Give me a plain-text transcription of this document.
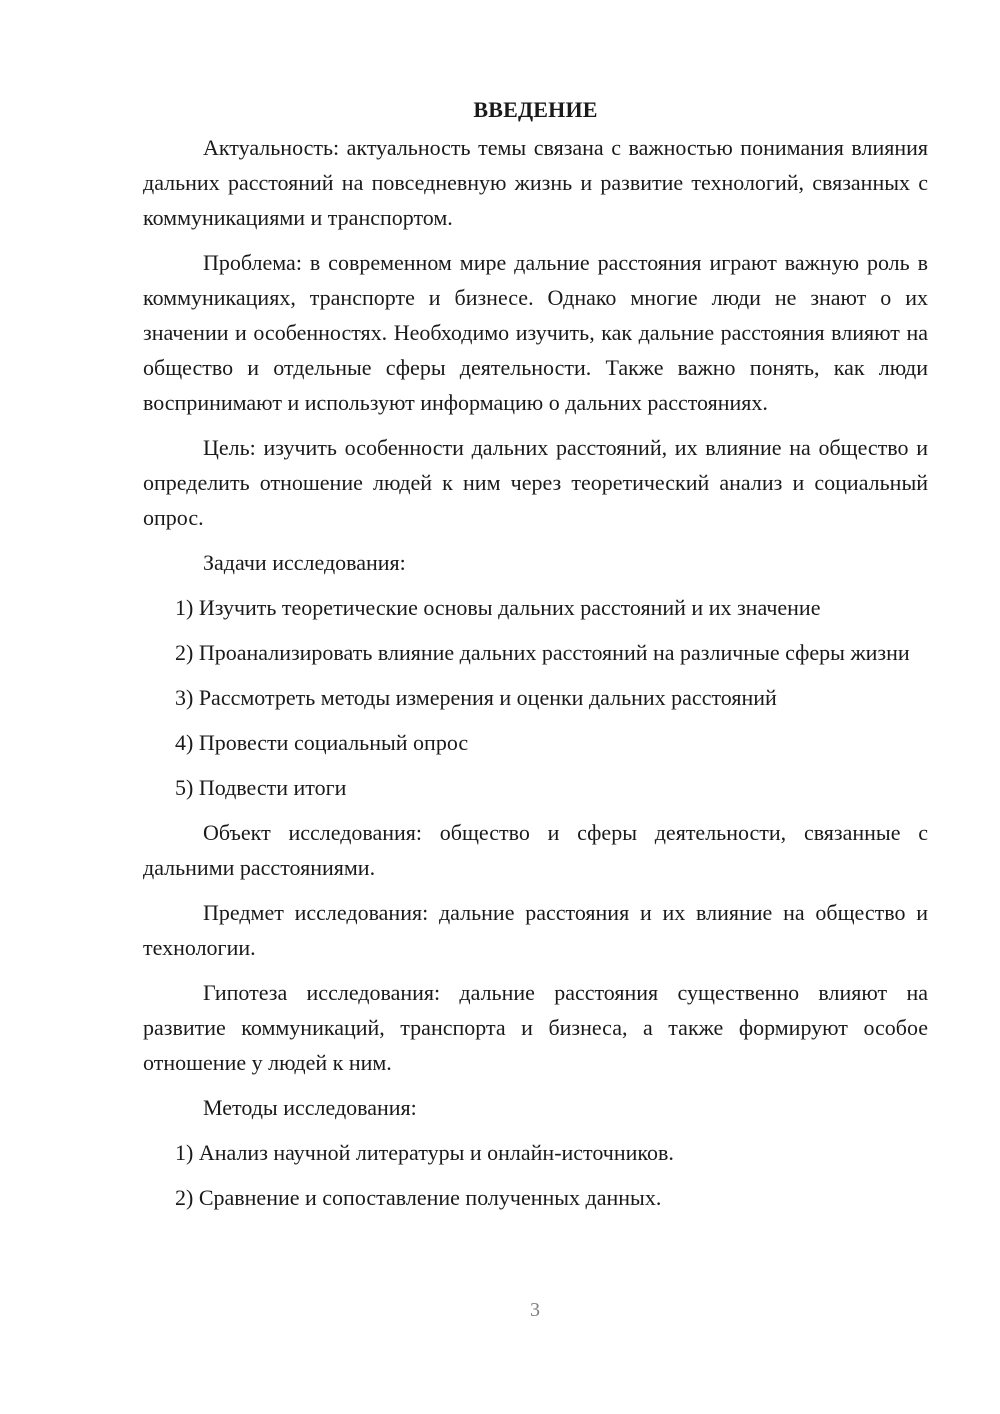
ВВЕДЕНИЕ

Актуальность: актуальность темы связана с важностью понимания влияния дальних расстояний на повседневную жизнь и развитие технологий, связанных с коммуникациями и транспортом.

Проблема: в современном мире дальние расстояния играют важную роль в коммуникациях, транспорте и бизнесе. Однако многие люди не знают о их значении и особенностях. Необходимо изучить, как дальние расстояния влияют на общество и отдельные сферы деятельности. Также важно понять, как люди воспринимают и используют информацию о дальних расстояниях.

Цель: изучить особенности дальних расстояний, их влияние на общество и определить отношение людей к ним через теоретический анализ и социальный опрос.

Задачи исследования:

1) Изучить теоретические основы дальних расстояний и их значение

2) Проанализировать влияние дальних расстояний на различные сферы жизни

3) Рассмотреть методы измерения и оценки дальних расстояний

4) Провести социальный опрос

5) Подвести итоги

Объект исследования: общество и сферы деятельности, связанные с дальними расстояниями.

Предмет исследования: дальние расстояния и их влияние на общество и технологии.

Гипотеза исследования: дальние расстояния существенно влияют на развитие коммуникаций, транспорта и бизнеса, а также формируют особое отношение у людей к ним.

Методы исследования:

1) Анализ научной литературы и онлайн-источников.

2) Сравнение и сопоставление полученных данных.

3
